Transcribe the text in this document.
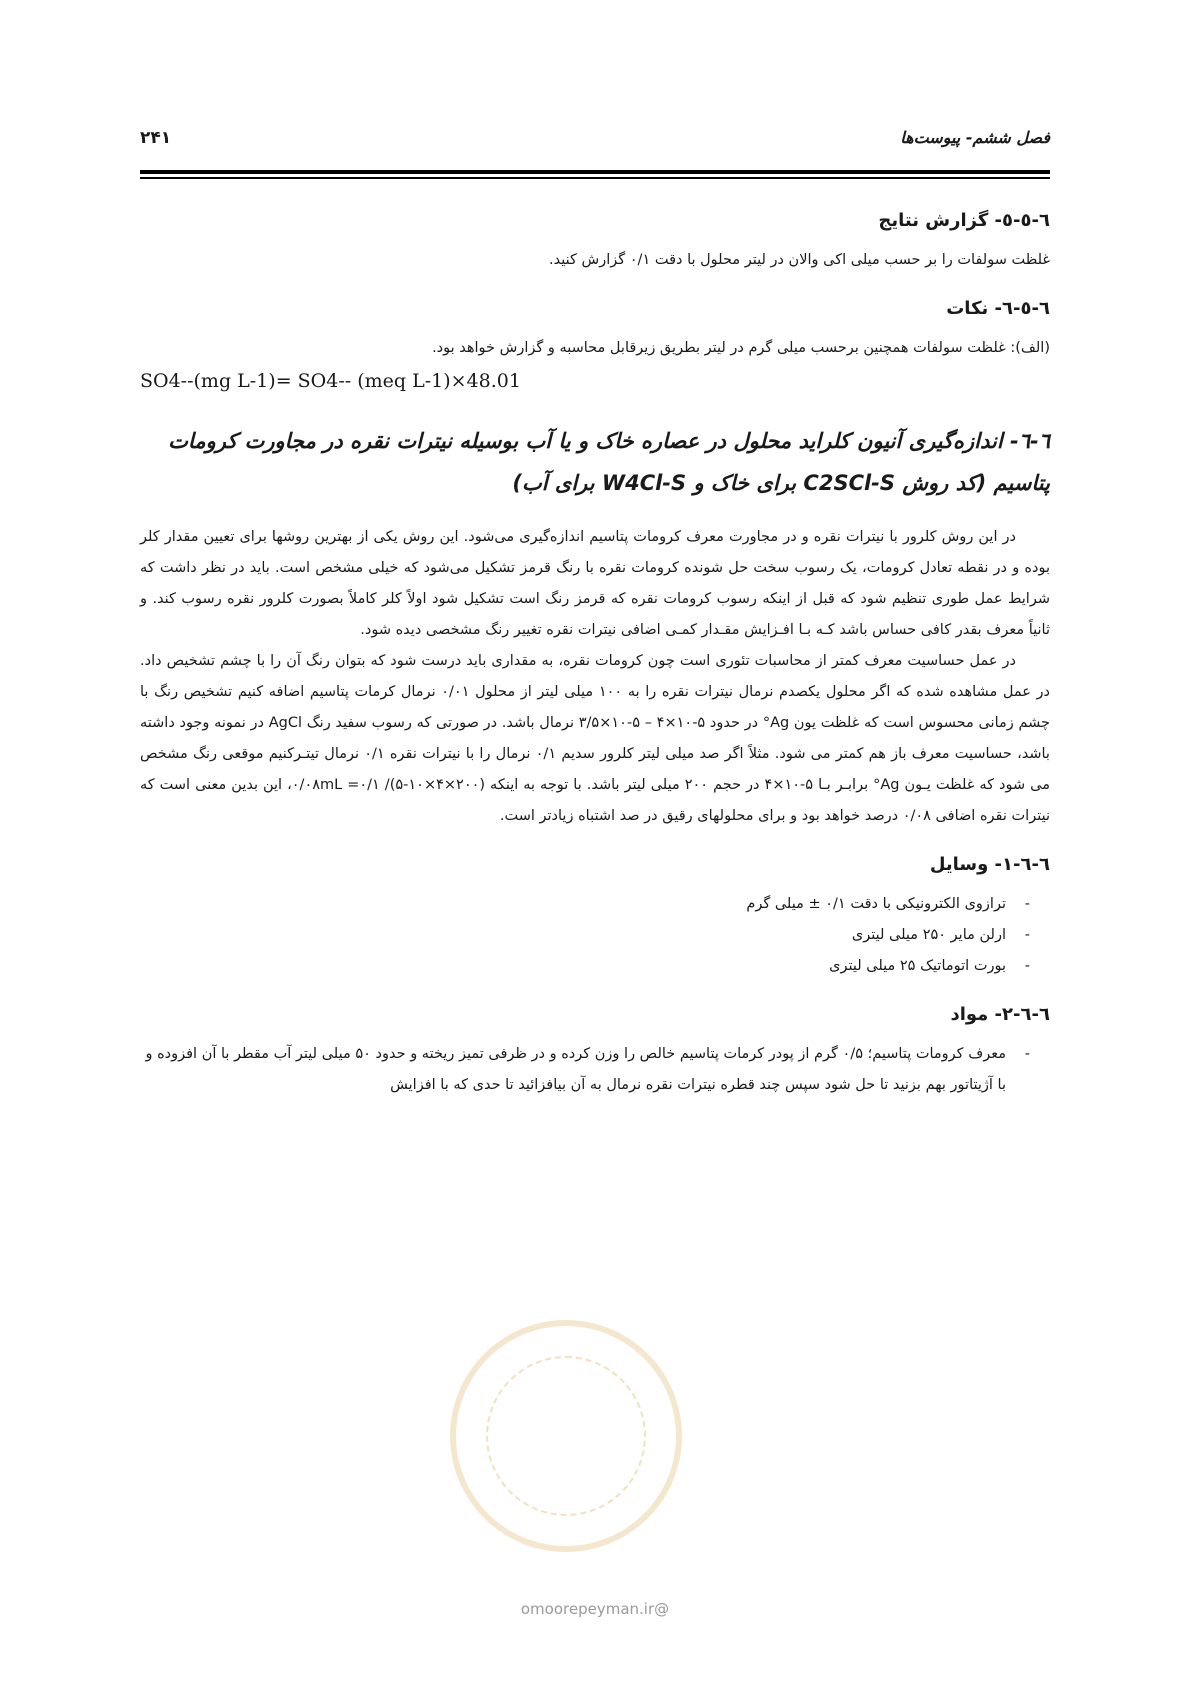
فصل ششم- پیوست‌ها
۲۴۱
٦-٥-٥- گزارش نتایج

غلظت سولفات را بر حسب میلی اکی والان در لیتر محلول با دقت ۰/۱ گزارش کنید.

٦-٥-٦- نکات

(الف): غلظت سولفات همچنین برحسب میلی گرم در لیتر بطریق زیرقابل محاسبه و گزارش خواهد بود.

SO4--(mg L-1)= SO4-- (meq L-1)×48.01
٦-٦- اندازه‌گیری آنیون کلراید محلول در عصاره خاک و یا آب بوسیله نیترات نقره در مجاورت کرومات پتاسیم (کد روش C2SCl-S برای خاک و W4Cl-S برای آب)

در این روش کلرور با نیترات نقره و در مجاورت معرف کرومات پتاسیم اندازه‌گیری می‌شود. این روش یکی از بهترین روشها برای تعیین مقدار کلر بوده و در نقطه تعادل کرومات، یک رسوب سخت حل شونده کرومات نقره با رنگ قرمز تشکیل می‌شود که خیلی مشخص است. باید در نظر داشت که شرایط عمل طوری تنظیم شود که قبل از اینکه رسوب کرومات نقره که قرمز رنگ است تشکیل شود اولاً کلر کاملاً بصورت کلرور نقره رسوب کند. و ثانیاً معرف بقدر کافی حساس باشد کـه بـا افـزایش مقـدار کمـی اضافی نیترات نقره تغییر رنگ مشخصی دیده شود.

در عمل حساسیت معرف کمتر از محاسبات تئوری است چون کرومات نقره، به مقداری باید درست شود که بتوان رنگ آن را با چشم تشخیص داد. در عمل مشاهده شده که اگر محلول یکصدم نرمال نیترات نقره را به ۱۰۰ میلی لیتر از محلول ۰/۰۱ نرمال کرمات پتاسیم اضافه کنیم تشخیص رنگ با چشم زمانی محسوس است که غلظت یون Ag° در حدود ۵-۱۰×۴ – ۵-۱۰×۳/۵ نرمال باشد. در صورتی که رسوب سفید رنگ AgCl در نمونه وجود داشته باشد، حساسیت معرف باز هم کمتر می شود. مثلاً اگر صد میلی لیتر کلرور سدیم ۰/۱ نرمال را با نیترات نقره ۰/۱ نرمال تیتـرکنیم موقعی رنگ مشخص می شود که غلظت یـون Ag° برابـر بـا ۵-۱۰×۴ در حجم ۲۰۰ میلی لیتر باشد. با توجه به اینکه ۰/۰۸mL =۰/۱ /(۵-۱۰×۴×۲۰۰)، این بدین معنی است که نیترات نقره اضافی ۰/۰۸ درصد خواهد بود و برای محلولهای رقیق در صد اشتباه زیادتر است.

٦-٦-١- وسایل
- ترازوی الکترونیکی با دقت ۰/۱ ± میلی گرم
- ارلن مایر ۲۵۰ میلی لیتری
- بورت اتوماتیک ۲۵ میلی لیتری
٦-٦-٢- مواد
- معرف کرومات پتاسیم؛ ۰/۵ گرم از پودر کرمات پتاسیم خالص را وزن کرده و در ظرفی تمیز ریخته و حدود ۵۰ میلی لیتر آب مقطر با آن افزوده و با آژیتاتور بهم بزنید تا حل شود سپس چند قطره نیترات نقره نرمال به آن بیافزائید تا حدی که با افزایش
@omoorepeyman.ir
